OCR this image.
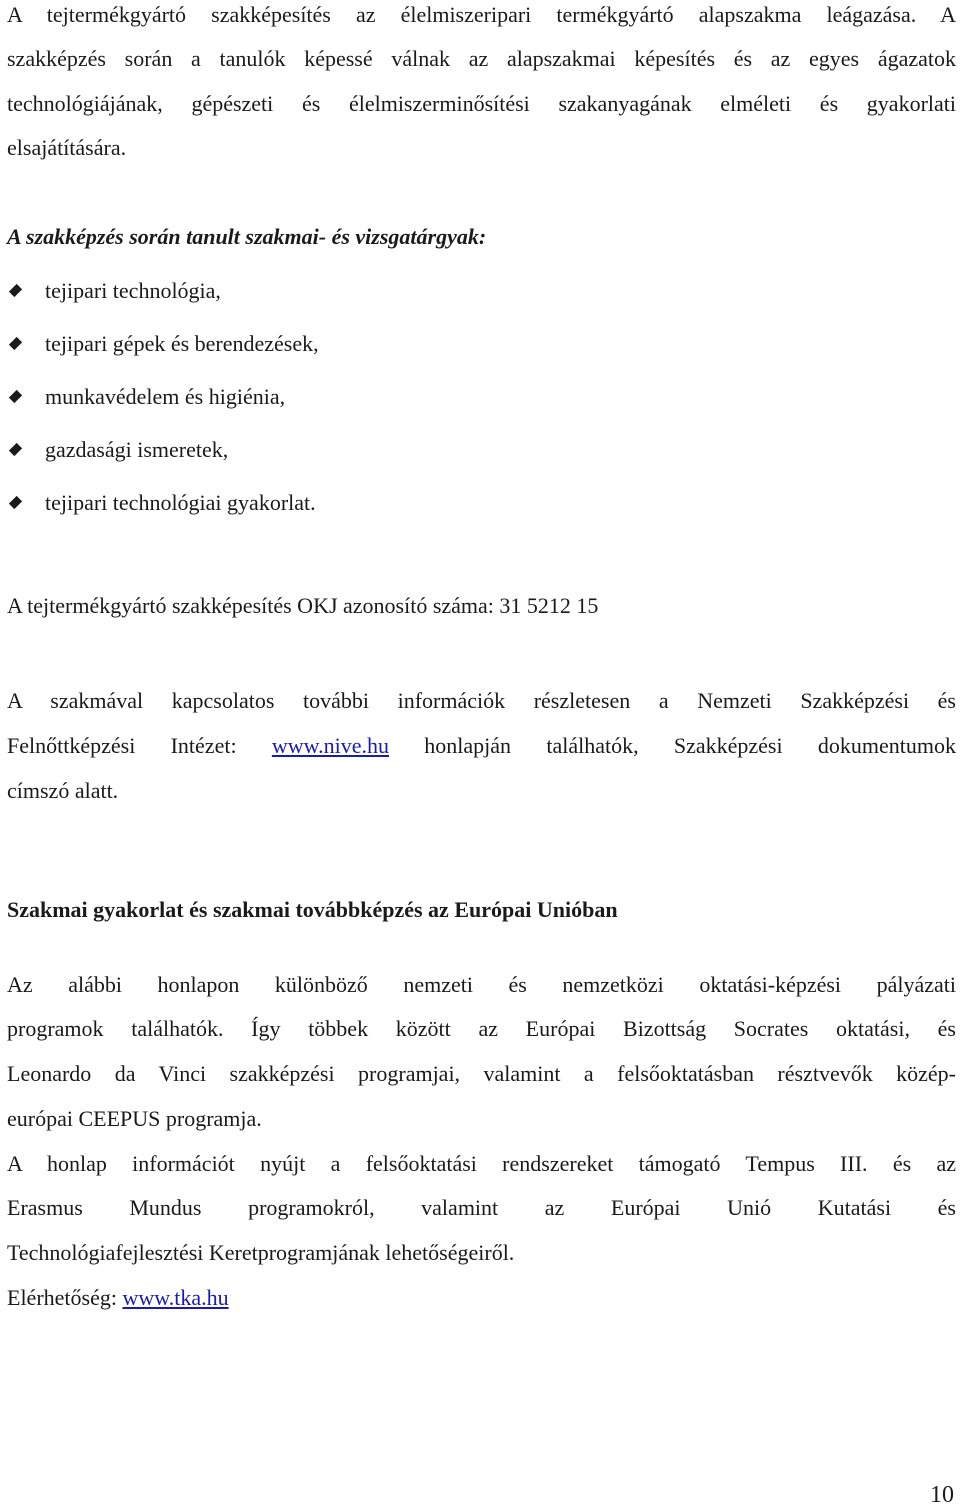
A tejtermékgyártó szakképesítés az élelmiszeripari termékgyártó alapszakma leágazása. A
szakképzés során a tanulók képessé válnak az alapszakmai képesítés és az egyes ágazatok
technológiájának, gépészeti és élelmiszerminősítési szakanyagának elméleti és gyakorlati
elsajátítására.
A szakképzés során tanult szakmai- és vizsgatárgyak:
tejipari technológia,
tejipari gépek és berendezések,
munkavédelem és higiénia,
gazdasági ismeretek,
tejipari technológiai gyakorlat.
A tejtermékgyártó szakképesítés OKJ azonosító száma: 31 5212 15
A szakmával kapcsolatos további információk részletesen a Nemzeti Szakképzési és
Felnőttképzési Intézet: www.nive.hu honlapján találhatók, Szakképzési dokumentumok
címszó alatt.
Szakmai gyakorlat és szakmai továbbképzés az Európai Unióban
Az alábbi honlapon különböző nemzeti és nemzetközi oktatási-képzési pályázati
programok találhatók. Így többek között az Európai Bizottság Socrates oktatási, és
Leonardo da Vinci szakképzési programjai, valamint a felsőoktatásban résztvevők közép-
európai CEEPUS programja.
A honlap információt nyújt a felsőoktatási rendszereket támogató Tempus III. és az
Erasmus Mundus programokról, valamint az Európai Unió Kutatási és
Technológiafejlesztési Keretprogramjának lehetőségeiről.
Elérhetőség: www.tka.hu
10
